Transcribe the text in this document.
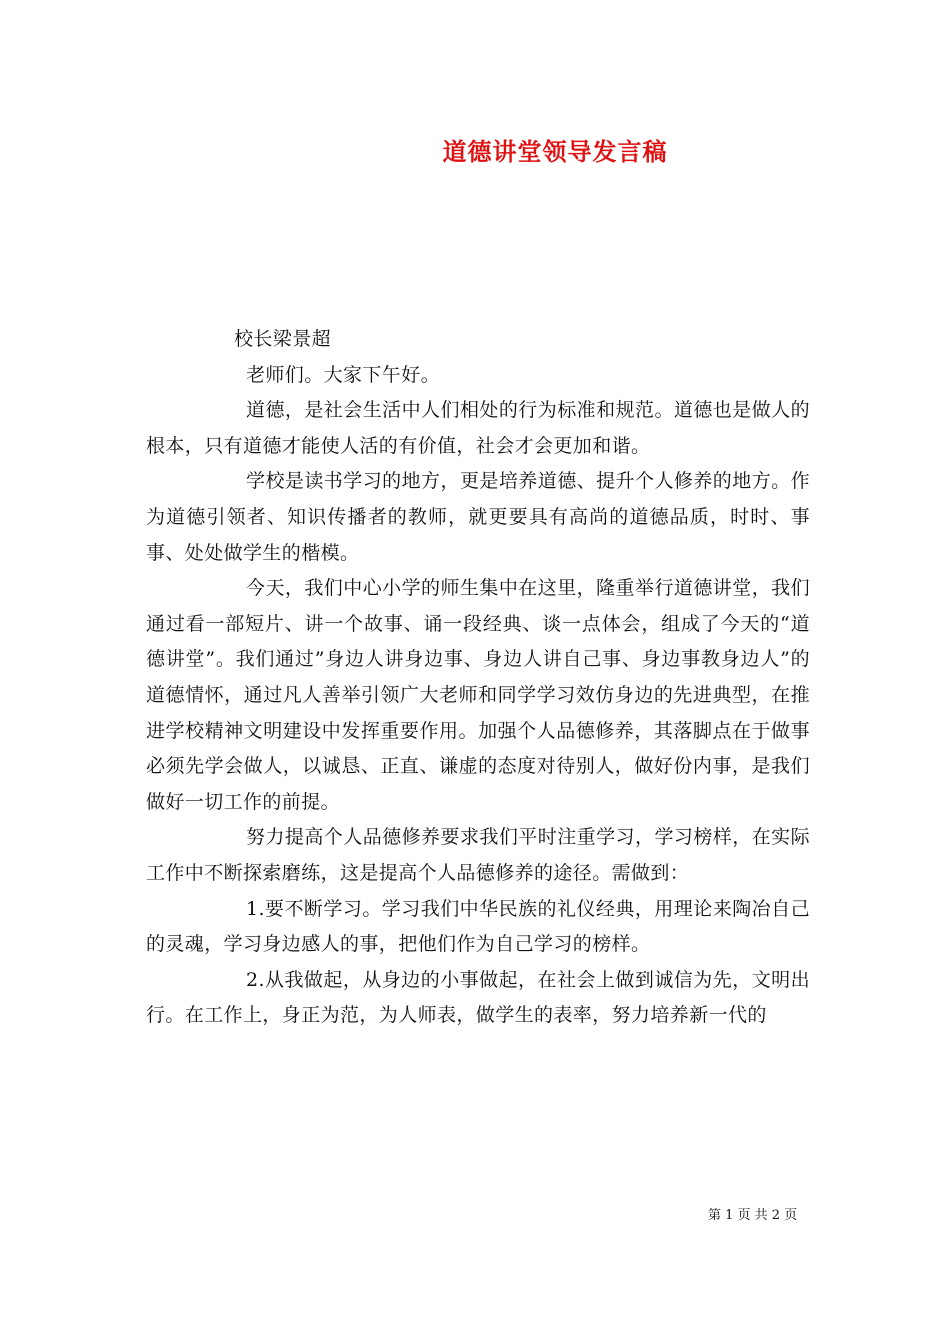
道德讲堂领导发言稿

校长梁景超

老师们。大家下午好。

道德，是社会生活中人们相处的行为标准和规范。道德也是做人的根本，只有道德才能使人活的有价值，社会才会更加和谐。

学校是读书学习的地方，更是培养道德、提升个人修养的地方。作为道德引领者、知识传播者的教师，就更要具有高尚的道德品质，时时、事事、处处做学生的楷模。

今天，我们中心小学的师生集中在这里，隆重举行道德讲堂，我们通过看一部短片、讲一个故事、诵一段经典、谈一点体会，组成了今天的“道德讲堂”。我们通过”身边人讲身边事、身边人讲自己事、身边事教身边人”的道德情怀，通过凡人善举引领广大老师和同学学习效仿身边的先进典型，在推进学校精神文明建设中发挥重要作用。加强个人品德修养，其落脚点在于做事必须先学会做人，以诚恳、正直、谦虚的态度对待别人，做好份内事，是我们做好一切工作的前提。

努力提高个人品德修养要求我们平时注重学习，学习榜样，在实际工作中不断探索磨练，这是提高个人品德修养的途径。需做到：

1.要不断学习。学习我们中华民族的礼仪经典，用理论来陶冶自己的灵魂，学习身边感人的事，把他们作为自己学习的榜样。

2.从我做起，从身边的小事做起，在社会上做到诚信为先，文明出行。在工作上，身正为范，为人师表，做学生的表率，努力培养新一代的

第 1 页 共 2 页
